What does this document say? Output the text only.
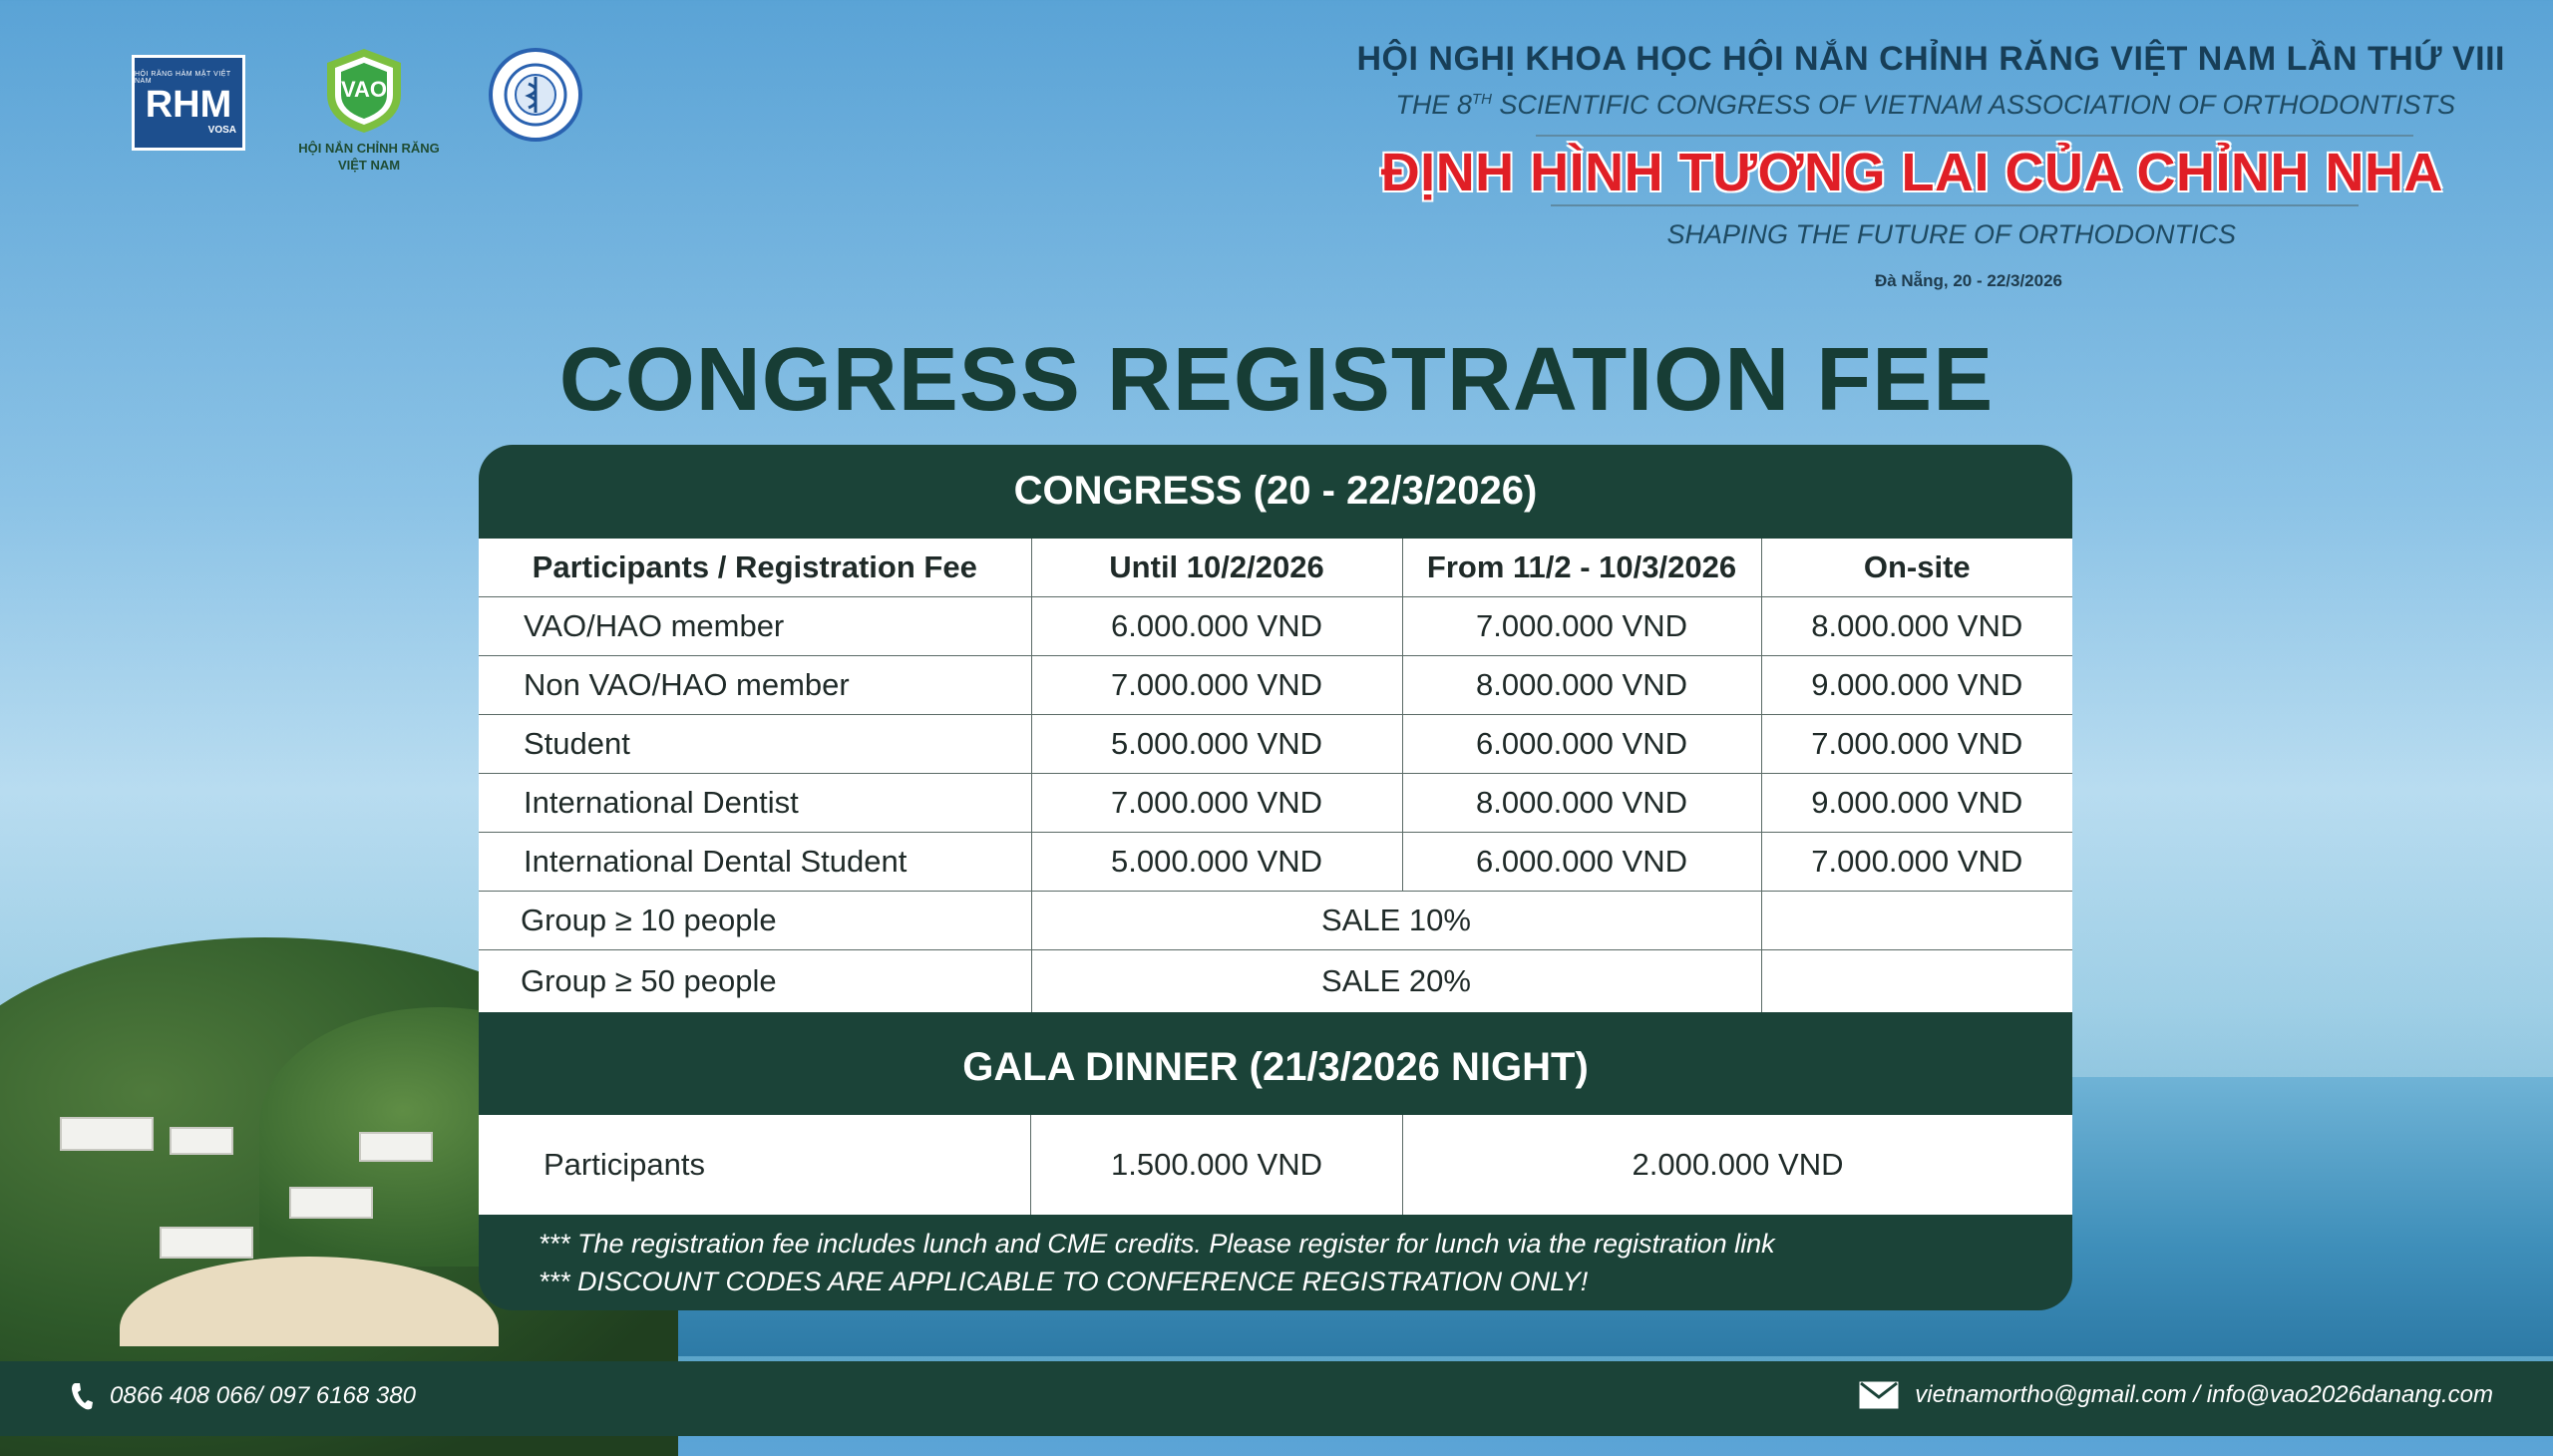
HỘI RĂNG HÀM MẶT VIỆT NAM
RHM
VOSA
VAO
HỘI NẮN CHỈNH RĂNG VIỆT NAM
HỘI NGHỊ KHOA HỌC HỘI NẮN CHỈNH RĂNG VIỆT NAM LẦN THỨ VIII
THE 8TH SCIENTIFIC CONGRESS OF VIETNAM ASSOCIATION OF ORTHODONTISTS
ĐỊNH HÌNH TƯƠNG LAI CỦA CHỈNH NHA
SHAPING THE FUTURE OF ORTHODONTICS
Đà Nẵng, 20 - 22/3/2026
CONGRESS REGISTRATION FEE
CONGRESS (20 - 22/3/2026)
Participants / Registration Fee	Until 10/2/2026	From 11/2 - 10/3/2026	On-site
VAO/HAO member	6.000.000 VND	7.000.000 VND	8.000.000 VND
Non VAO/HAO member	7.000.000 VND	8.000.000 VND	9.000.000 VND
Student	5.000.000 VND	6.000.000 VND	7.000.000 VND
International Dentist	7.000.000 VND	8.000.000 VND	9.000.000 VND
International Dental Student	5.000.000 VND	6.000.000 VND	7.000.000 VND
Group ≥ 10 people	SALE 10%		
Group ≥ 50 people	SALE 20%		
GALA DINNER (21/3/2026 NIGHT)
Participants	1.500.000 VND	2.000.000 VND
*** The registration fee includes lunch and CME credits. Please register for lunch via the registration link
*** DISCOUNT CODES ARE APPLICABLE TO CONFERENCE REGISTRATION ONLY!
0866 408 066/ 097 6168 380	vietnamortho@gmail.com / info@vao2026danang.com
